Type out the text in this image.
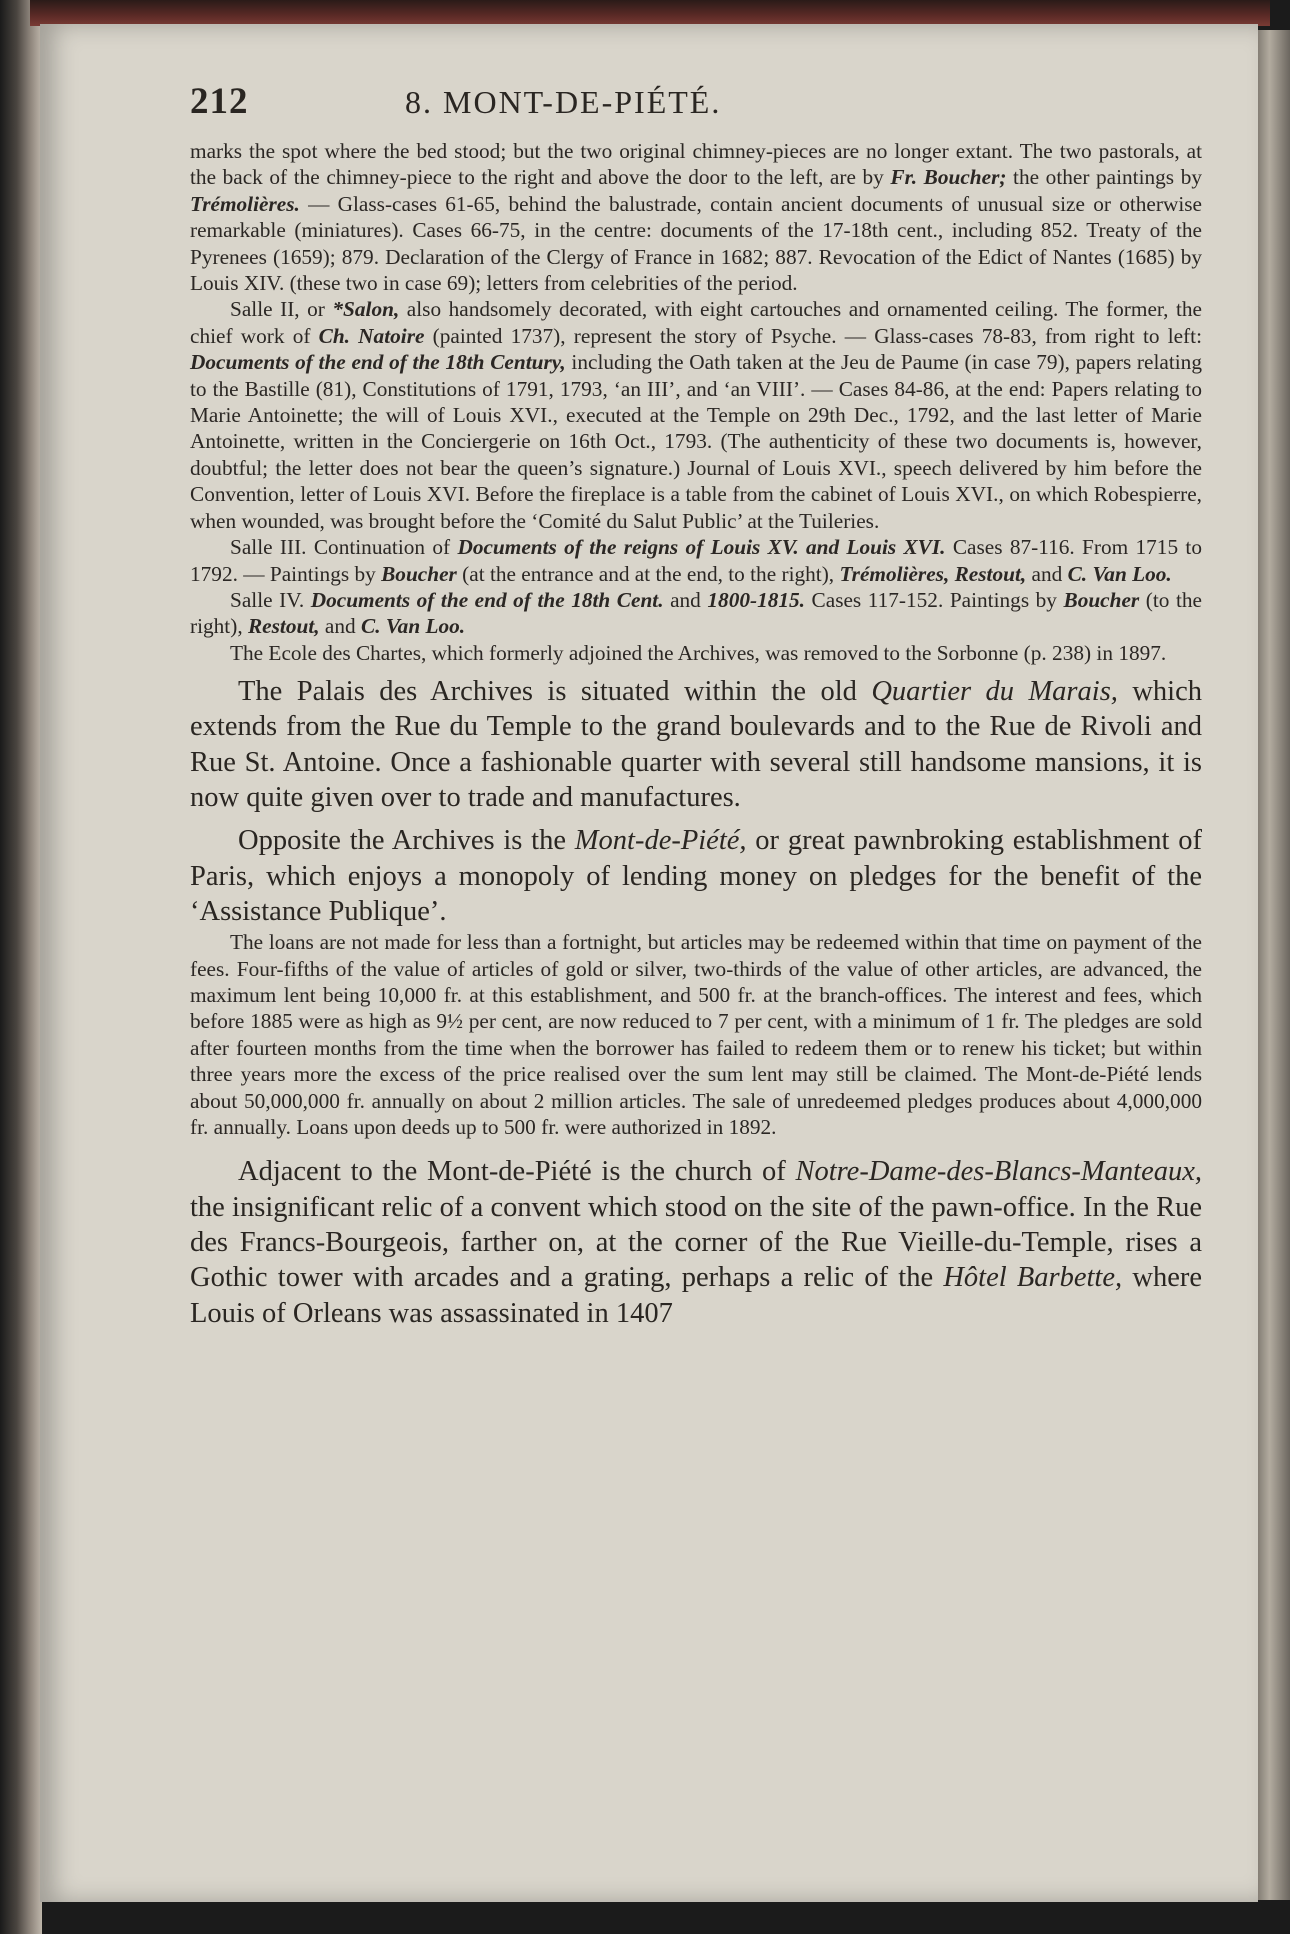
212	8. MONT-DE-PIÉTÉ.

marks the spot where the bed stood; but the two original chimney-pieces are no longer extant. The two pastorals, at the back of the chimney-piece to the right and above the door to the left, are by Fr. Boucher; the other paintings by Trémolières. — Glass-cases 61-65, behind the balustrade, contain ancient documents of unusual size or otherwise remarkable (miniatures). Cases 66-75, in the centre: documents of the 17-18th cent., including 852. Treaty of the Pyrenees (1659); 879. Declaration of the Clergy of France in 1682; 887. Revocation of the Edict of Nantes (1685) by Louis XIV. (these two in case 69); letters from celebrities of the period.

Salle II, or *Salon, also handsomely decorated, with eight cartouches and ornamented ceiling. The former, the chief work of Ch. Natoire (painted 1737), represent the story of Psyche. — Glass-cases 78-83, from right to left: Documents of the end of the 18th Century, including the Oath taken at the Jeu de Paume (in case 79), papers relating to the Bastille (81), Constitutions of 1791, 1793, ‘an III’, and ‘an VIII’. — Cases 84-86, at the end: Papers relating to Marie Antoinette; the will of Louis XVI., executed at the Temple on 29th Dec., 1792, and the last letter of Marie Antoinette, written in the Conciergerie on 16th Oct., 1793. (The authenticity of these two documents is, however, doubtful; the letter does not bear the queen’s signature.) Journal of Louis XVI., speech delivered by him before the Convention, letter of Louis XVI. Before the fireplace is a table from the cabinet of Louis XVI., on which Robespierre, when wounded, was brought before the ‘Comité du Salut Public’ at the Tuileries.

Salle III. Continuation of Documents of the reigns of Louis XV. and Louis XVI. Cases 87-116. From 1715 to 1792. — Paintings by Boucher (at the entrance and at the end, to the right), Trémolières, Restout, and C. Van Loo.

Salle IV. Documents of the end of the 18th Cent. and 1800-1815. Cases 117-152. Paintings by Boucher (to the right), Restout, and C. Van Loo.

The Ecole des Chartes, which formerly adjoined the Archives, was removed to the Sorbonne (p. 238) in 1897.

The Palais des Archives is situated within the old Quartier du Marais, which extends from the Rue du Temple to the grand boulevards and to the Rue de Rivoli and Rue St. Antoine. Once a fashionable quarter with several still handsome mansions, it is now quite given over to trade and manufactures.

Opposite the Archives is the Mont-de-Piété, or great pawnbroking establishment of Paris, which enjoys a monopoly of lending money on pledges for the benefit of the ‘Assistance Publique’.

The loans are not made for less than a fortnight, but articles may be redeemed within that time on payment of the fees. Four-fifths of the value of articles of gold or silver, two-thirds of the value of other articles, are advanced, the maximum lent being 10,000 fr. at this establishment, and 500 fr. at the branch-offices. The interest and fees, which before 1885 were as high as 9½ per cent, are now reduced to 7 per cent, with a minimum of 1 fr. The pledges are sold after fourteen months from the time when the borrower has failed to redeem them or to renew his ticket; but within three years more the excess of the price realised over the sum lent may still be claimed. The Mont-de-Piété lends about 50,000,000 fr. annually on about 2 million articles. The sale of unredeemed pledges produces about 4,000,000 fr. annually. Loans upon deeds up to 500 fr. were authorized in 1892.

Adjacent to the Mont-de-Piété is the church of Notre-Dame-des-Blancs-Manteaux, the insignificant relic of a convent which stood on the site of the pawn-office. In the Rue des Francs-Bourgeois, farther on, at the corner of the Rue Vieille-du-Temple, rises a Gothic tower with arcades and a grating, perhaps a relic of the Hôtel Barbette, where Louis of Orleans was assassinated in 1407
